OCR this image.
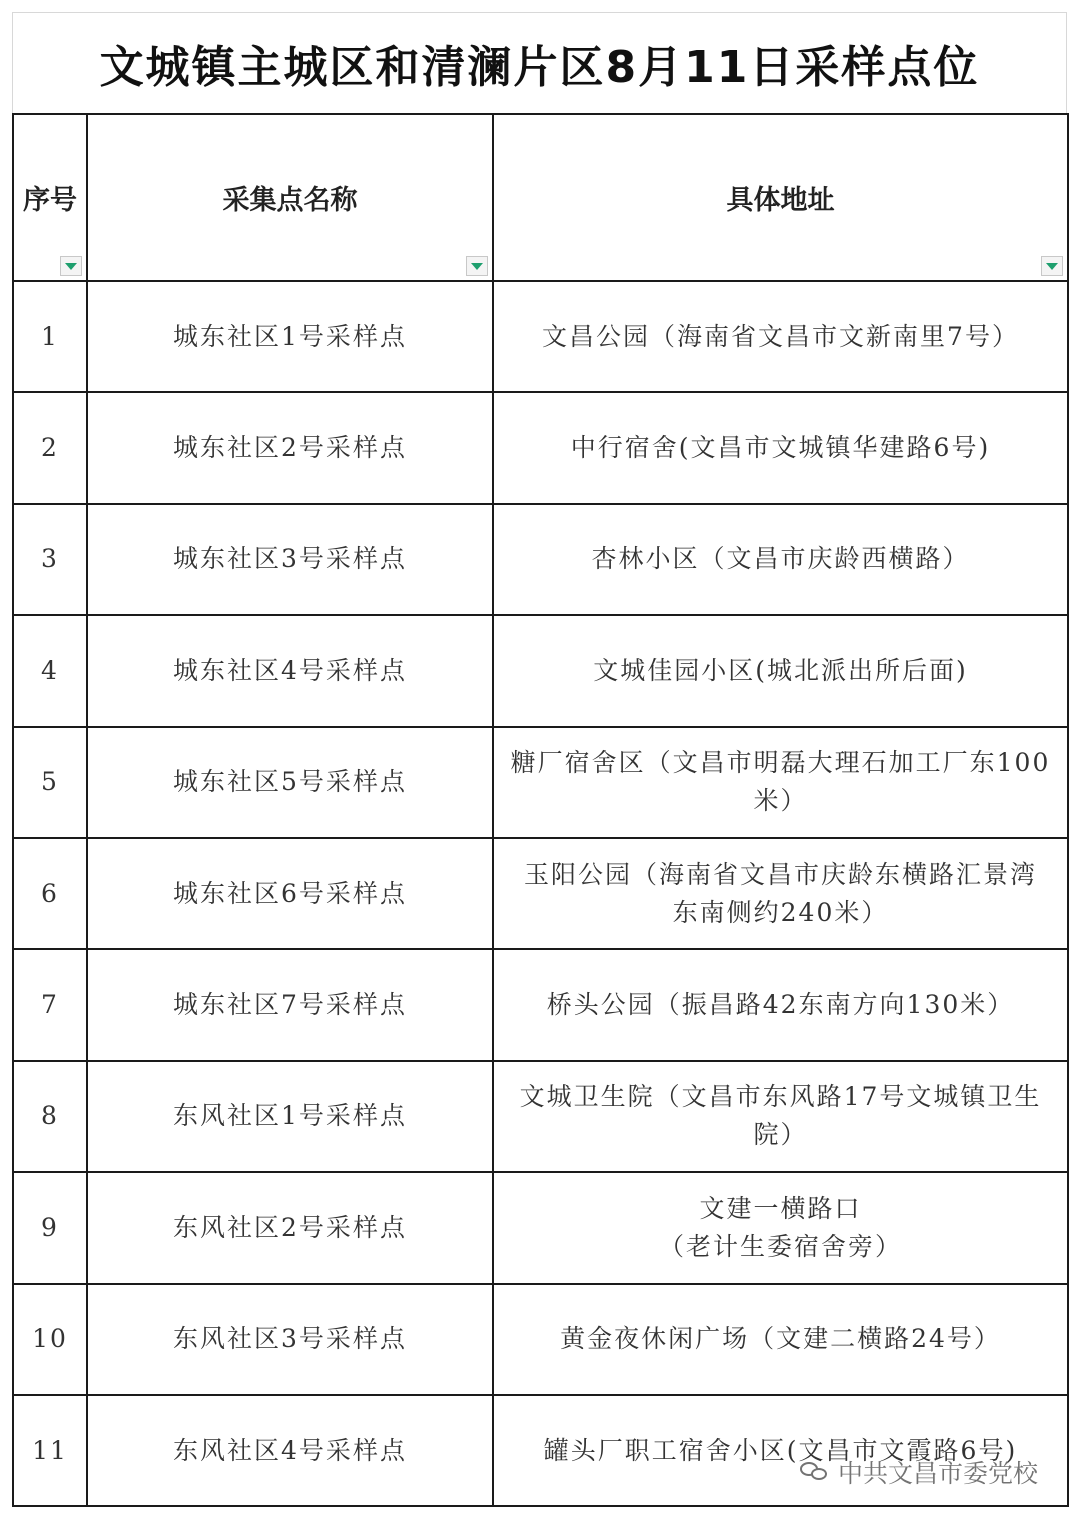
文城镇主城区和清澜片区8月11日采样点位
序号	采集点名称	具体地址

1	城东社区1号采样点	文昌公园（海南省文昌市文新南里7号）

2	城东社区2号采样点	中行宿舍(文昌市文城镇华建路6号)

3	城东社区3号采样点	杏林小区（文昌市庆龄西横路）

4	城东社区4号采样点	文城佳园小区(城北派出所后面)

5	城东社区5号采样点	糖厂宿舍区（文昌市明磊大理石加工厂东100
米）

6	城东社区6号采样点	玉阳公园（海南省文昌市庆龄东横路汇景湾
东南侧约240米）

7	城东社区7号采样点	桥头公园（振昌路42东南方向130米）

8	东风社区1号采样点	文城卫生院（文昌市东风路17号文城镇卫生
院）

9	东风社区2号采样点	文建一横路口
（老计生委宿舍旁）

10	东风社区3号采样点	黄金夜休闲广场（文建二横路24号）

11	东风社区4号采样点	罐头厂职工宿舍小区(文昌市文霞路6号)
中共文昌市委党校
